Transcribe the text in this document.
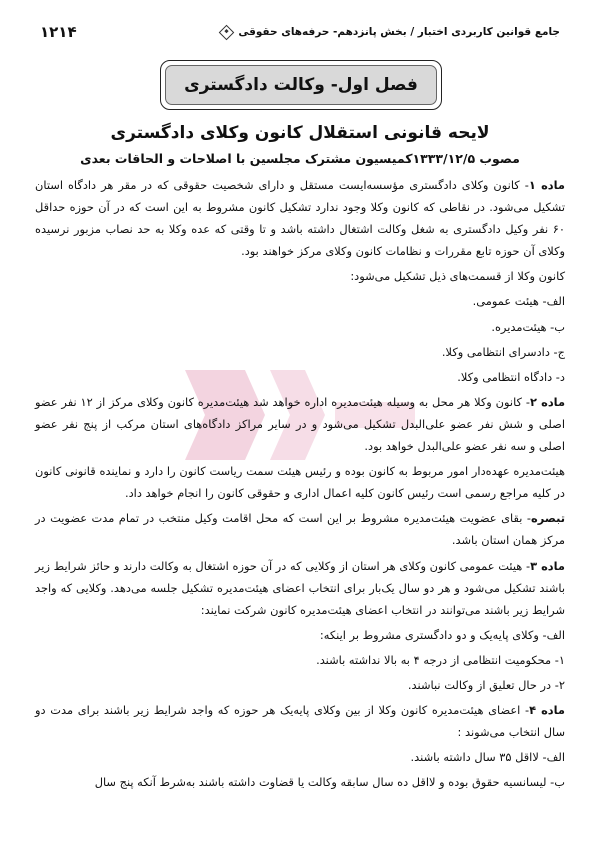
جامع قوانین کاربردی اختبار / بخش پانزدهم- حرفه‌های حقوقی
۱۲۱۴
فصل اول- وکالت دادگستری
لایحه قانونی استقلال کانون وکلای دادگستری
مصوب ۱۳۳۳/۱۲/۵کمیسیون مشترک مجلسین با اصلاحات و الحاقات بعدی

ماده ۱- کانون وکلای دادگستری مؤسسه‌ایست مستقل و دارای شخصیت حقوقی که در مقر هر دادگاه استان تشکیل می‌شود. در نقاطی که کانون وکلا وجود ندارد تشکیل کانون مشروط به این است که در آن حوزه حداقل ۶۰ نفر وکیل دادگستری به شغل وکالت اشتغال داشته باشد و تا وقتی که عده وکلا به حد نصاب مزبور نرسیده وکلای آن حوزه تابع مقررات و نظامات کانون وکلای مرکز خواهند بود.

کانون وکلا از قسمت‌های ذیل تشکیل می‌شود:

الف- هیئت عمومی.

ب- هیئت‌مدیره.

ج- دادسرای انتظامی وکلا.

د- دادگاه انتظامی وکلا.

ماده ۲- کانون وکلا هر محل به وسیله هیئت‌مدیره اداره خواهد شد هیئت‌مدیره کانون وکلای مرکز از ۱۲ نفر عضو اصلی و شش نفر عضو علی‌البدل تشکیل می‌شود و در سایر مراکز دادگاه‌های استان مرکب از پنج نفر عضو اصلی و سه نفر عضو علی‌البدل خواهد بود.

هیئت‌مدیره عهده‌دار امور مربوط به کانون بوده و رئیس هیئت سمت ریاست کانون را دارد و نماینده قانونی کانون در کلیه مراجع رسمی است رئیس کانون کلیه اعمال اداری و حقوقی کانون را انجام خواهد داد.

تبصره- بقای عضویت هیئت‌مدیره مشروط بر این است که محل اقامت وکیل منتخب در تمام مدت عضویت در مرکز همان استان باشد.

ماده ۳- هیئت عمومی کانون وکلای هر استان از وکلایی که در آن حوزه اشتغال به وکالت دارند و حائز شرایط زیر باشند تشکیل می‌شود و هر دو سال یک‌بار برای انتخاب اعضای هیئت‌مدیره تشکیل جلسه می‌دهد. وکلایی که واجد شرایط زیر باشند می‌توانند در انتخاب اعضای هیئت‌مدیره کانون شرکت نمایند:

الف- وکلای پایه‌یک و دو دادگستری مشروط بر اینکه:

۱- محکومیت انتظامی از درجه ۴ به بالا نداشته باشند.

۲- در حال تعلیق از وکالت نباشند.

ماده ۴- اعضای هیئت‌مدیره کانون وکلا از بین وکلای پایه‌یک هر حوزه که واجد شرایط زیر باشند برای مدت دو سال انتخاب می‌شوند :

الف- لااقل ۳۵ سال داشته باشند.

ب- لیسانسیه حقوق بوده و لااقل ده سال سابقه وکالت یا قضاوت داشته باشند به‌شرط آنکه پنج سال
